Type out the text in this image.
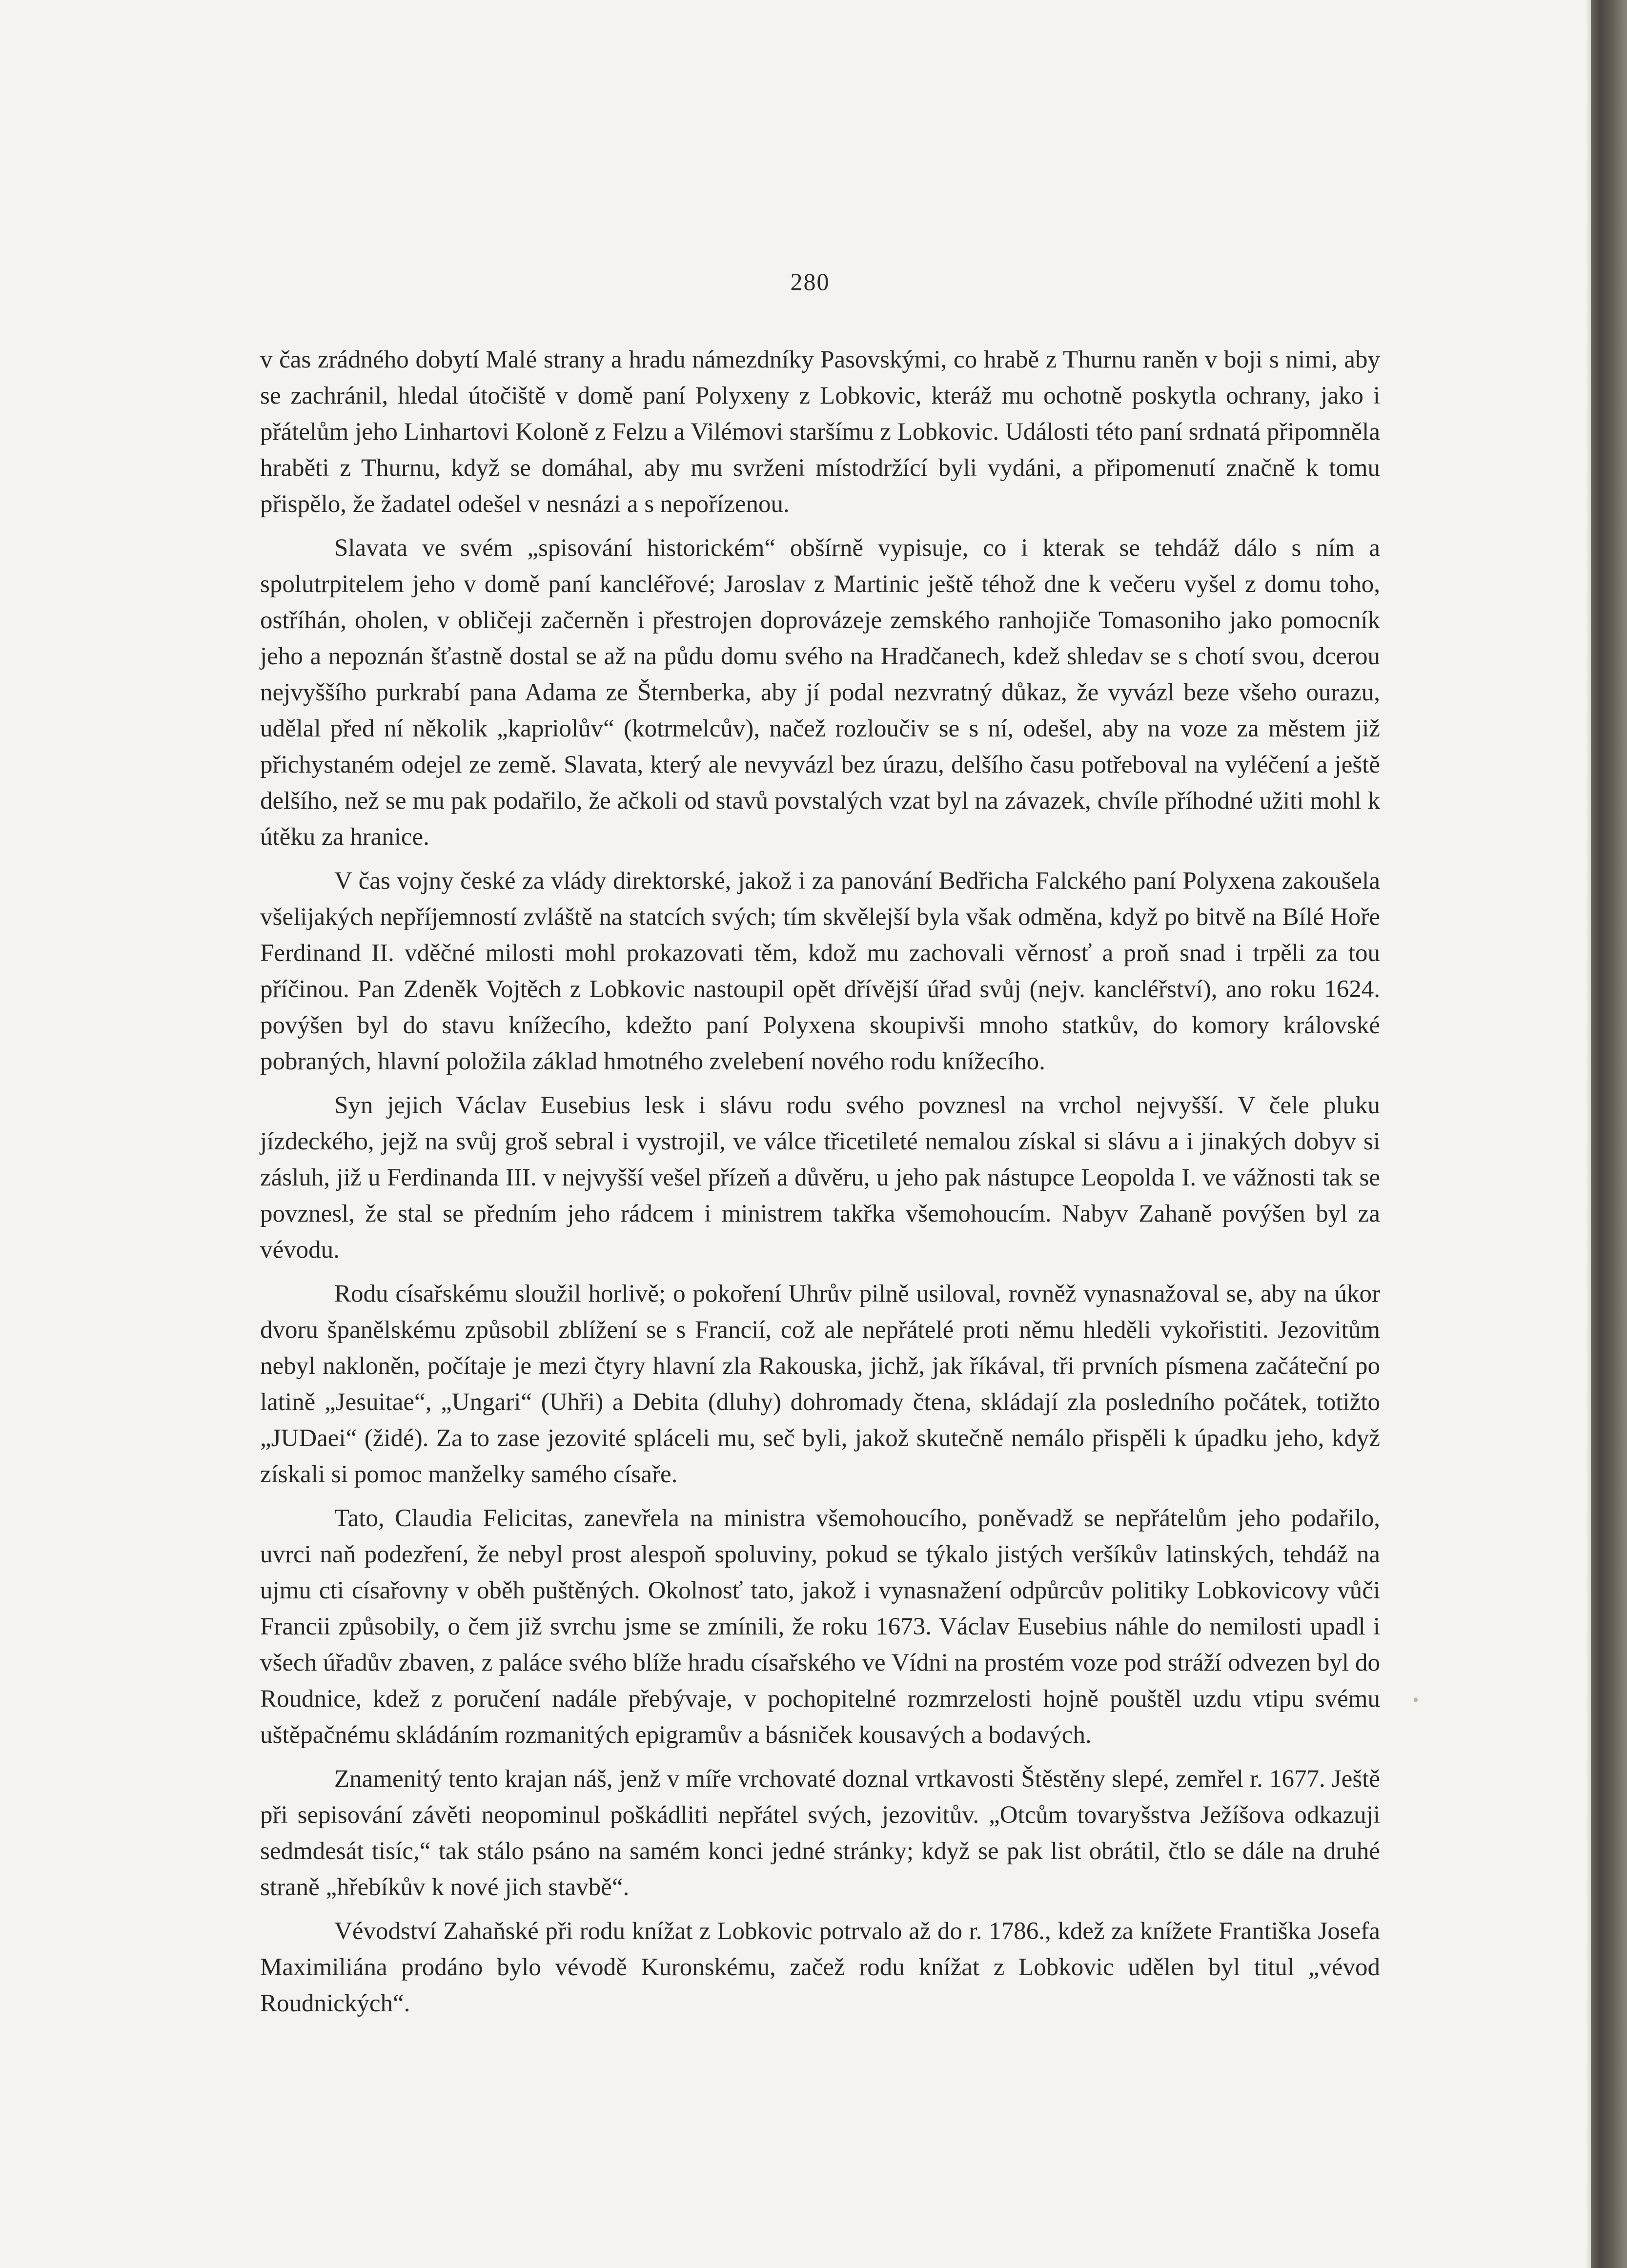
280

v čas zrádného dobytí Malé strany a hradu námezdníky Pasovskými, co hrabě z Thurnu raněn v boji s nimi, aby se zachránil, hledal útočiště v domě paní Polyxeny z Lobkovic, kteráž mu ochotně poskytla ochrany, jako i přátelům jeho Linhartovi Koloně z Felzu a Vilémovi staršímu z Lobkovic. Události této paní srdnatá připomněla hraběti z Thurnu, když se domáhal, aby mu svrženi místodržící byli vydáni, a připomenutí značně k tomu přispělo, že žadatel odešel v nesnázi a s nepořízenou.

Slavata ve svém „spisování historickém“ obšírně vypisuje, co i kterak se tehdáž dálo s ním a spolutrpitelem jeho v domě paní kancléřové; Jaroslav z Martinic ještě téhož dne k večeru vyšel z domu toho, ostříhán, oholen, v obličeji začerněn i přestrojen doprovázeje zemského ranhojiče Tomasoniho jako pomocník jeho a nepoznán šťastně dostal se až na půdu domu svého na Hradčanech, kdež shledav se s chotí svou, dcerou nejvyššího purkrabí pana Adama ze Šternberka, aby jí podal nezvratný důkaz, že vyvázl beze všeho ourazu, udělal před ní několik „kapriolův“ (kotrmelcův), načež rozloučiv se s ní, odešel, aby na voze za městem již přichystaném odejel ze země. Slavata, který ale nevyvázl bez úrazu, delšího času potřeboval na vyléčení a ještě delšího, než se mu pak podařilo, že ačkoli od stavů povstalých vzat byl na závazek, chvíle příhodné užiti mohl k útěku za hranice.

V čas vojny české za vlády direktorské, jakož i za panování Bedřicha Falckého paní Polyxena zakoušela všelijakých nepříjemností zvláště na statcích svých; tím skvělejší byla však odměna, když po bitvě na Bílé Hoře Ferdinand II. vděčné milosti mohl prokazovati těm, kdož mu zachovali věrnosť a proň snad i trpěli za tou příčinou. Pan Zdeněk Vojtěch z Lobkovic nastoupil opět dřívější úřad svůj (nejv. kancléřství), ano roku 1624. povýšen byl do stavu knížecího, kdežto paní Polyxena skoupivši mnoho statkův, do komory královské pobraných, hlavní položila základ hmotného zvelebení nového rodu knížecího.

Syn jejich Václav Eusebius lesk i slávu rodu svého povznesl na vrchol nejvyšší. V čele pluku jízdeckého, jejž na svůj groš sebral i vystrojil, ve válce třicetileté nemalou získal si slávu a i jinakých dobyv si zásluh, již u Ferdinanda III. v nejvyšší vešel přízeň a důvěru, u jeho pak nástupce Leopolda I. ve vážnosti tak se povznesl, že stal se předním jeho rádcem i ministrem takřka všemohoucím. Nabyv Zahaně povýšen byl za vévodu.

Rodu císařskému sloužil horlivě; o pokoření Uhrův pilně usiloval, rovněž vynasnažoval se, aby na úkor dvoru španělskému způsobil zblížení se s Francií, což ale nepřátelé proti němu hleděli vykořistiti. Jezovitům nebyl nakloněn, počítaje je mezi čtyry hlavní zla Rakouska, jichž, jak říkával, tři prvních písmena začáteční po latině „Jesuitae“, „Ungari“ (Uhři) a Debita (dluhy) dohromady čtena, skládají zla posledního počátek, totižto „JUDaei“ (židé). Za to zase jezovité spláceli mu, seč byli, jakož skutečně nemálo přispěli k úpadku jeho, když získali si pomoc manželky samého císaře.

Tato, Claudia Felicitas, zanevřela na ministra všemohoucího, poněvadž se nepřátelům jeho podařilo, uvrci naň podezření, že nebyl prost alespoň spoluviny, pokud se týkalo jistých veršíkův latinských, tehdáž na ujmu cti císařovny v oběh puštěných. Okolnosť tato, jakož i vynasnažení odpůrcův politiky Lobkovicovy vůči Francii způsobily, o čem již svrchu jsme se zmínili, že roku 1673. Václav Eusebius náhle do nemilosti upadl i všech úřadův zbaven, z paláce svého blíže hradu císařského ve Vídni na prostém voze pod stráží odvezen byl do Roudnice, kdež z poručení nadále přebývaje, v pochopitelné rozmrzelosti hojně pouštěl uzdu vtipu svému uštěpačnému skládáním rozmanitých epigramův a básniček kousavých a bodavých.

Znamenitý tento krajan náš, jenž v míře vrchovaté doznal vrtkavosti Štěstěny slepé, zemřel r. 1677. Ještě při sepisování závěti neopominul poškádliti nepřátel svých, jezovitův. „Otcům tovaryšstva Ježíšova odkazuji sedmdesát tisíc,“ tak stálo psáno na samém konci jedné stránky; když se pak list obrátil, čtlo se dále na druhé straně „hřebíkův k nové jich stavbě“.

Vévodství Zahaňské při rodu knížat z Lobkovic potrvalo až do r. 1786., kdež za knížete Františka Josefa Maximiliána prodáno bylo vévodě Kuronskému, začež rodu knížat z Lobkovic udělen byl titul „vévod Roudnických“.
